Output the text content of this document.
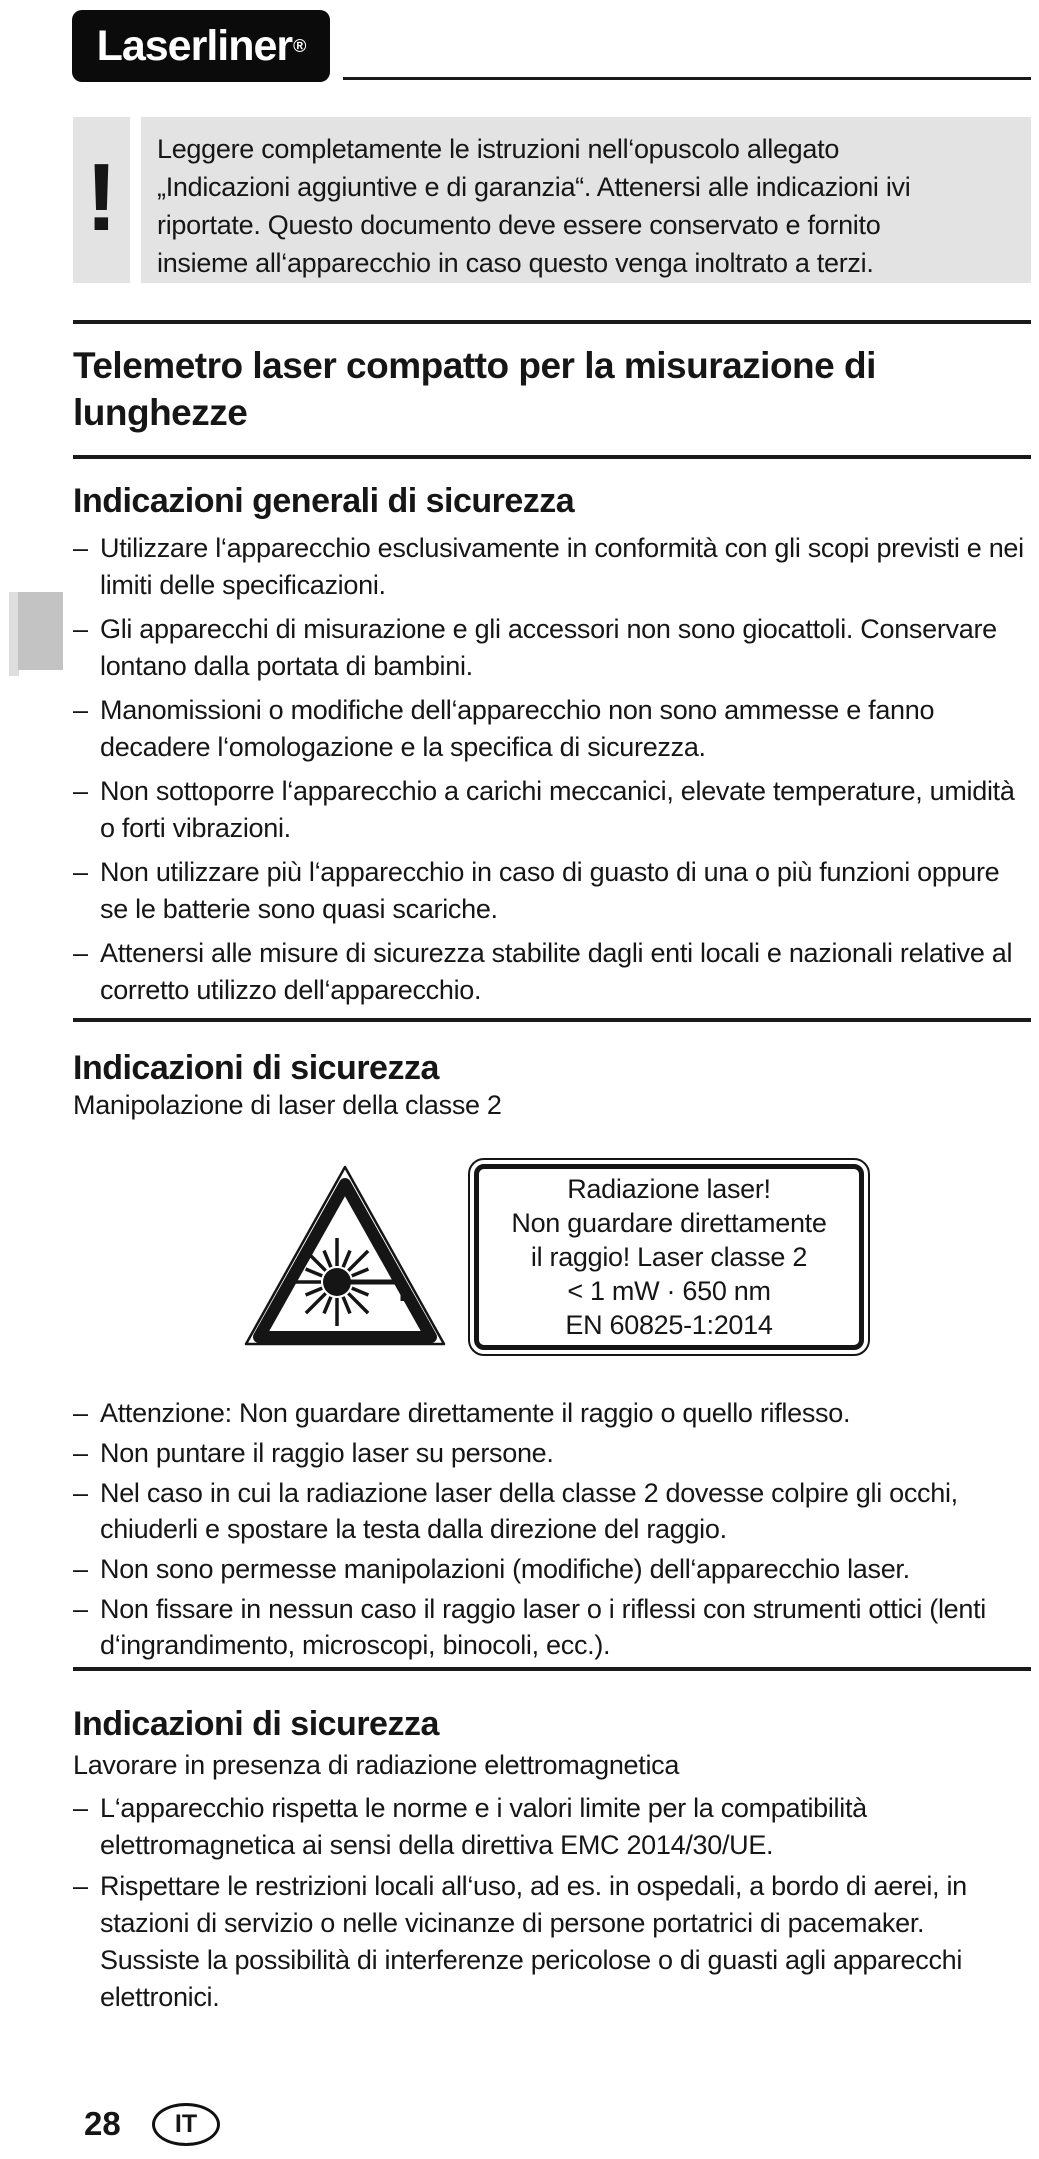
Laserliner ®
!	Leggere completamente le istruzioni nell‘opuscolo allegato „Indicazioni aggiuntive e di garanzia“. Attenersi alle indicazioni ivi riportate. Questo documento deve essere conservato e fornito insieme all‘apparecchio in caso questo venga inoltrato a terzi.
Telemetro laser compatto per la misurazione di lunghezze
Indicazioni generali di sicurezza
– Utilizzare l‘apparecchio esclusivamente in conformità con gli scopi previsti e nei limiti delle specificazioni.
– Gli apparecchi di misurazione e gli accessori non sono giocattoli. Conservare lontano dalla portata di bambini.
– Manomissioni o modifiche dell‘apparecchio non sono ammesse e fanno decadere l‘omologazione e la specifica di sicurezza.
– Non sottoporre l‘apparecchio a carichi meccanici, elevate temperature, umidità o forti vibrazioni.
– Non utilizzare più l‘apparecchio in caso di guasto di una o più funzioni oppure se le batterie sono quasi scariche.
– Attenersi alle misure di sicurezza stabilite dagli enti locali e nazionali relative al corretto utilizzo dell‘apparecchio.
Indicazioni di sicurezza

Manipolazione di laser della classe 2

Radiazione laser!
Non guardare direttamente
il raggio! Laser classe 2
< 1 mW · 650 nm
EN 60825-1:2014
– Attenzione: Non guardare direttamente il raggio o quello riflesso.
– Non puntare il raggio laser su persone.
– Nel caso in cui la radiazione laser della classe 2 dovesse colpire gli occhi, chiuderli e spostare la testa dalla direzione del raggio.
– Non sono permesse manipolazioni (modifiche) dell‘apparecchio laser.
– Non fissare in nessun caso il raggio laser o i riflessi con strumenti ottici (lenti d‘ingrandimento, microscopi, binocoli, ecc.).
Indicazioni di sicurezza

Lavorare in presenza di radiazione elettromagnetica

– L‘apparecchio rispetta le norme e i valori limite per la compatibilità elettromagnetica ai sensi della direttiva EMC 2014/30/UE.
– Rispettare le restrizioni locali all‘uso, ad es. in ospedali, a bordo di aerei, in stazioni di servizio o nelle vicinanze di persone portatrici di pacemaker. Sussiste la possibilità di interferenze pericolose o di guasti agli apparecchi elettronici.
28 IT
